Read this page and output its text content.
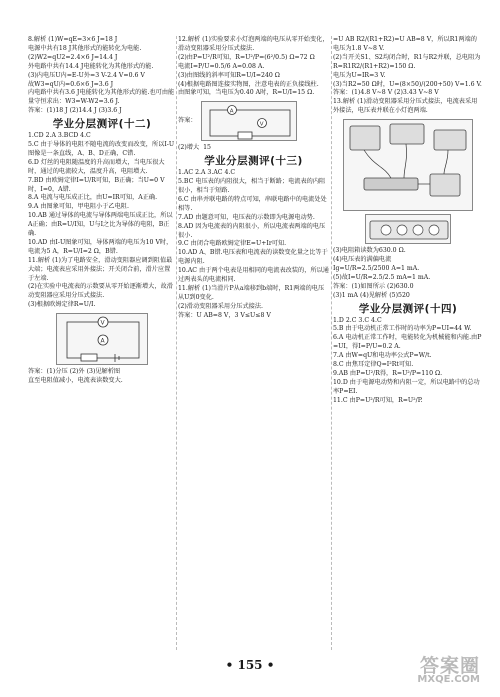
8.解析 (1)W=qE=3×6 J=18 J
电源中共有18 J其他形式的能转化为电能.
(2)W2=qU2=2.4×6 J=14.4 J
外电路中共有14.4 J电能转化为其他形式的能.
(3)内电压U内=E-U外=3 V-2.4 V=0.6 V
故W3=qU内=0.6×6 J=3.6 J
内电路中共有3.6 J电能转化为其他形式的能.也可由能量守恒求出：W3=W-W2=3.6 J.
答案：(1)18 J (2)14.4 J (3)3.6 J
学业分层测评(十二)
1.CD 2.A 3.BCD 4.C
5.C 由于导体的电阻不随电流的改变而改变，所以I-U图像是一条直线，A、B、D正确，C错.
6.D 灯丝的电阻随温度的升高而增大，当电压很大时，通过的电流较大，温度升高，电阻增大.
7.BD 由欧姆定律I=U/R可知，B正确；当U=0 V时，I=0，A错.
8.A 电流与电压成正比，由U=IR可知，A正确.
9.A 由图象可知，甲电阻小于乙电阻.
10.AB 通过导体的电流与导体两端电压成正比，所以A正确；由R=U/I知，U与I之比为导体的电阻，B正确.
10.AD 由I-U图象可知，导体两端的电压为10 V时，电流为5 A，R=U/I=2 Ω，B错.
11.解析 (1)为了电路安全，滑动变阻器应调到阻值最大端；电流表应采用外接法；开关闭合前，滑片应置于左端.
(2)在实验中电流表的示数要从零开始逐渐增大，故滑动变阻器应采用分压式接法.
(3)根据欧姆定律R=U/I.
V
A
答案：(1)分压 (2)外 (3)见解析图
直至电阻值减小，电流表读数变大.
12.解析 (1)实验要求小灯泡两端的电压从零开始变化，滑动变阻器采用分压式接法.
(2)由P=U²/R可知，R=U²/P=(6²/0.5) Ω=72 Ω
电流I=P/U=0.5/6 A≈0.08 A.
(3)由图线的斜率可知R=U/I=240 Ω
(4)根据电路图连接实物图，注意电表的正负接线柱.
由图象可知，当电压为0.40 A时，R=U/I=15 Ω.
答案：
A
V
(2)增大  15
学业分层测评(十三)
1.AC 2.A 3.AC 4.C
5.BC 电压表的内阻很大，相当于断路；电流表的内阻很小，相当于短路.
6.C 由串并联电路的特点可知，串联电路中的电流处处相等.
7.AD 由题意可知，电压表的示数即为电源电动势.
8.AD 因为电流表的内阻很小，所以电流表两端的电压很小.
9.C 由闭合电路欧姆定律E=U+Ir可知.
10.AD A、B错.电压表和电流表的读数变化量之比等于电源内阻.
10.AC 由于两个电表是用相同的电流表改装的，所以通过两表头的电流相同.
11.解析 (1)当滑片P从a端移到b端时，R1两端的电压从U到0变化.
(2)滑动变阻器采用分压式接法.
答案：U AB=8 V，3 V≤U≤8 V
=U AB R2/(R1+R2)=U AB=8 V，所以R1两端的电压为1.8 V~8 V.
(2)当开关S1、S2均闭合时，R1与R2并联，总电阻为R=R1R2/(R1+R2)=150 Ω.
电压为U=IR=3 V.
(3)当R2=50 Ω时，U=(8×50)/(200+50) V=1.6 V.
答案：(1)4.8 V~8 V (2)3.43 V~8 V
13.解析 (1)滑动变阻器采用分压式接法，电流表采用外接法，电压表并联在小灯泡两端.
(3)电阻箱读数为630.0 Ω.
(4)电压表的满偏电流
Ig=U/R=2.5/2500 A=1 mA.
(5)故I=U/R=2.5/2.5 mA=1 mA.
答案：(1)如图所示 (2)630.0
(3)1 mA (4)见解析 (5)520
学业分层测评(十四)
1.D 2.C 3.C 4.C
5.B 由于电动机正常工作时的功率为P=UI=44 W.
6.A 电动机正常工作时，电能转化为机械能和内能.由P=UI，得I=P/U=0.2 A.
7.A 由W=qU和电功率公式P=W/t.
8.C 由焦耳定律Q=I²Rt可知.
9.AB 由P=U²/R得，R=U²/P=110 Ω.
10.D 由于电源电动势和内阻一定，所以电路中的总功率P=EI.
11.C 由P=U²/R可知，R=U²/P.
• 155 •	答案圈
MXQE.COM
